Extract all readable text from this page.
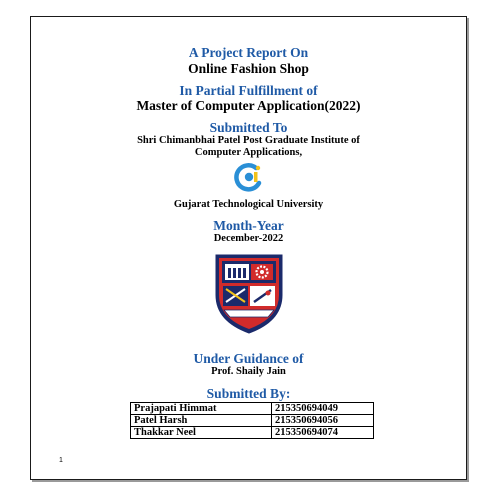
A Project Report On
Online Fashion Shop
In Partial Fulfillment of
Master of Computer Application(2022)
Submitted To
Shri Chimanbhai Patel Post Graduate Institute of
Computer Applications,
Gujarat Technological University
Month-Year
December-2022
Under Guidance of
Prof. Shaily Jain
Submitted By:
Prajapati Himmat	215350694049
Patel Harsh	215350694056
Thakkar Neel	215350694074
1
